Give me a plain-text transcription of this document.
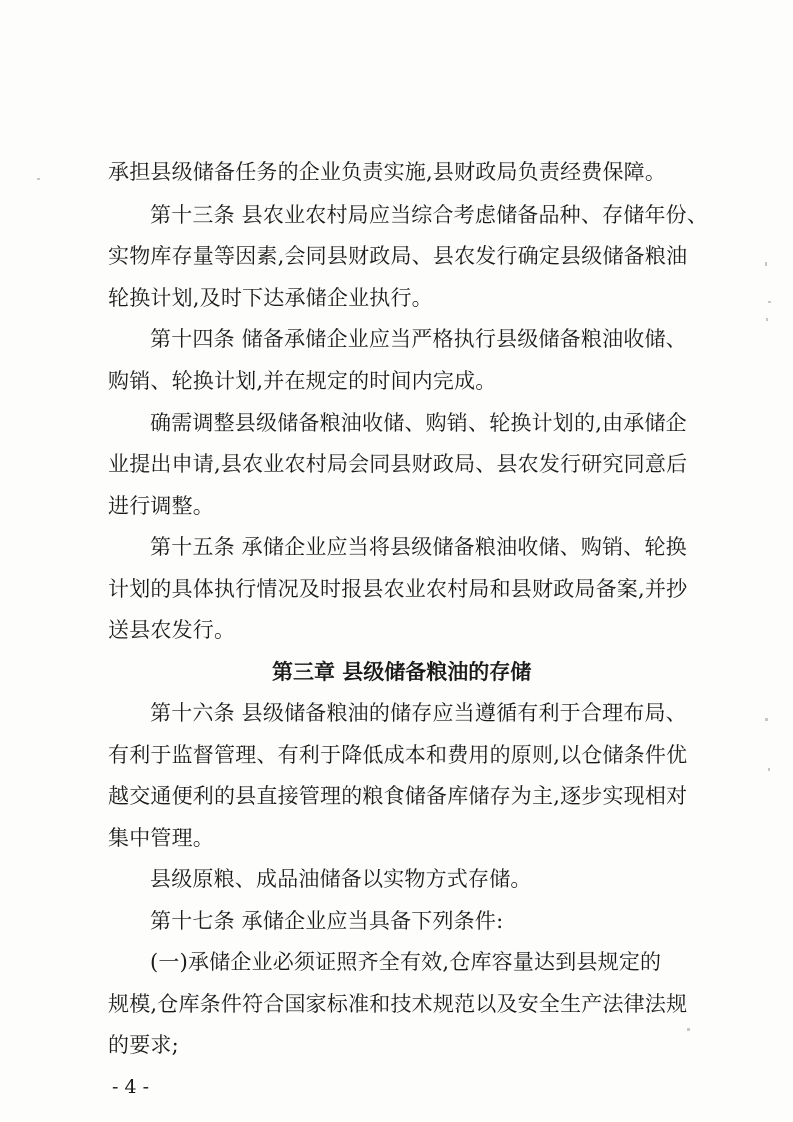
承担县级储备任务的企业负责实施,县财政局负责经费保障。
第十三条 县农业农村局应当综合考虑储备品种、存储年份、
实物库存量等因素,会同县财政局、县农发行确定县级储备粮油
轮换计划,及时下达承储企业执行。
第十四条 储备承储企业应当严格执行县级储备粮油收储、
购销、轮换计划,并在规定的时间内完成。
确需调整县级储备粮油收储、购销、轮换计划的,由承储企
业提出申请,县农业农村局会同县财政局、县农发行研究同意后
进行调整。
第十五条 承储企业应当将县级储备粮油收储、购销、轮换
计划的具体执行情况及时报县农业农村局和县财政局备案,并抄
送县农发行。
第三章 县级储备粮油的存储
第十六条 县级储备粮油的储存应当遵循有利于合理布局、
有利于监督管理、有利于降低成本和费用的原则,以仓储条件优
越交通便利的县直接管理的粮食储备库储存为主,逐步实现相对
集中管理。
县级原粮、成品油储备以实物方式存储。
第十七条 承储企业应当具备下列条件:
(一)承储企业必须证照齐全有效,仓库容量达到县规定的
规模,仓库条件符合国家标准和技术规范以及安全生产法律法规
的要求;
- 4 -
